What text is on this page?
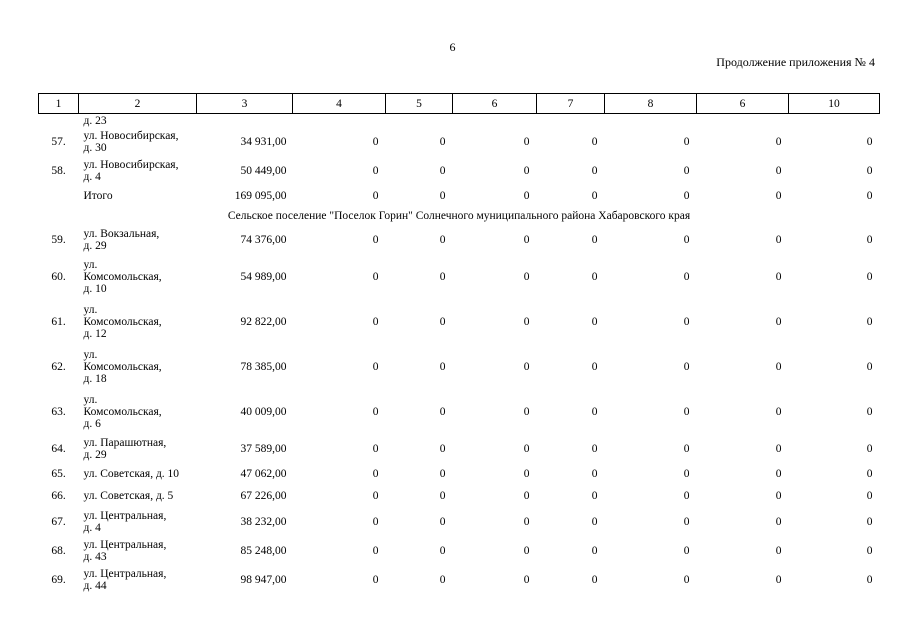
6
Продолжение приложения № 4
1	2	3	4	5	6	7	8	6	10
	д. 23								
57.	ул. Новосибирская,
д. 30	34 931,00	0	0	0	0	0	0	0
58.	ул. Новосибирская,
д. 4	50 449,00	0	0	0	0	0	0	0
	Итого	169 095,00	0	0	0	0	0	0	0
Сельское поселение "Поселок Горин" Солнечного муниципального района Хабаровского края									
59.	ул. Вокзальная,
д. 29	74 376,00	0	0	0	0	0	0	0
60.	ул.
Комсомольская,
д. 10	54 989,00	0	0	0	0	0	0	0
61.	ул.
Комсомольская,
д. 12	92 822,00	0	0	0	0	0	0	0
62.	ул.
Комсомольская,
д. 18	78 385,00	0	0	0	0	0	0	0
63.	ул.
Комсомольская,
д. 6	40 009,00	0	0	0	0	0	0	0
64.	ул. Парашютная,
д. 29	37 589,00	0	0	0	0	0	0	0
65.	ул. Советская, д. 10	47 062,00	0	0	0	0	0	0	0
66.	ул. Советская, д. 5	67 226,00	0	0	0	0	0	0	0
67.	ул. Центральная,
д. 4	38 232,00	0	0	0	0	0	0	0
68.	ул. Центральная,
д. 43	85 248,00	0	0	0	0	0	0	0
69.	ул. Центральная,
д. 44	98 947,00	0	0	0	0	0	0	0
